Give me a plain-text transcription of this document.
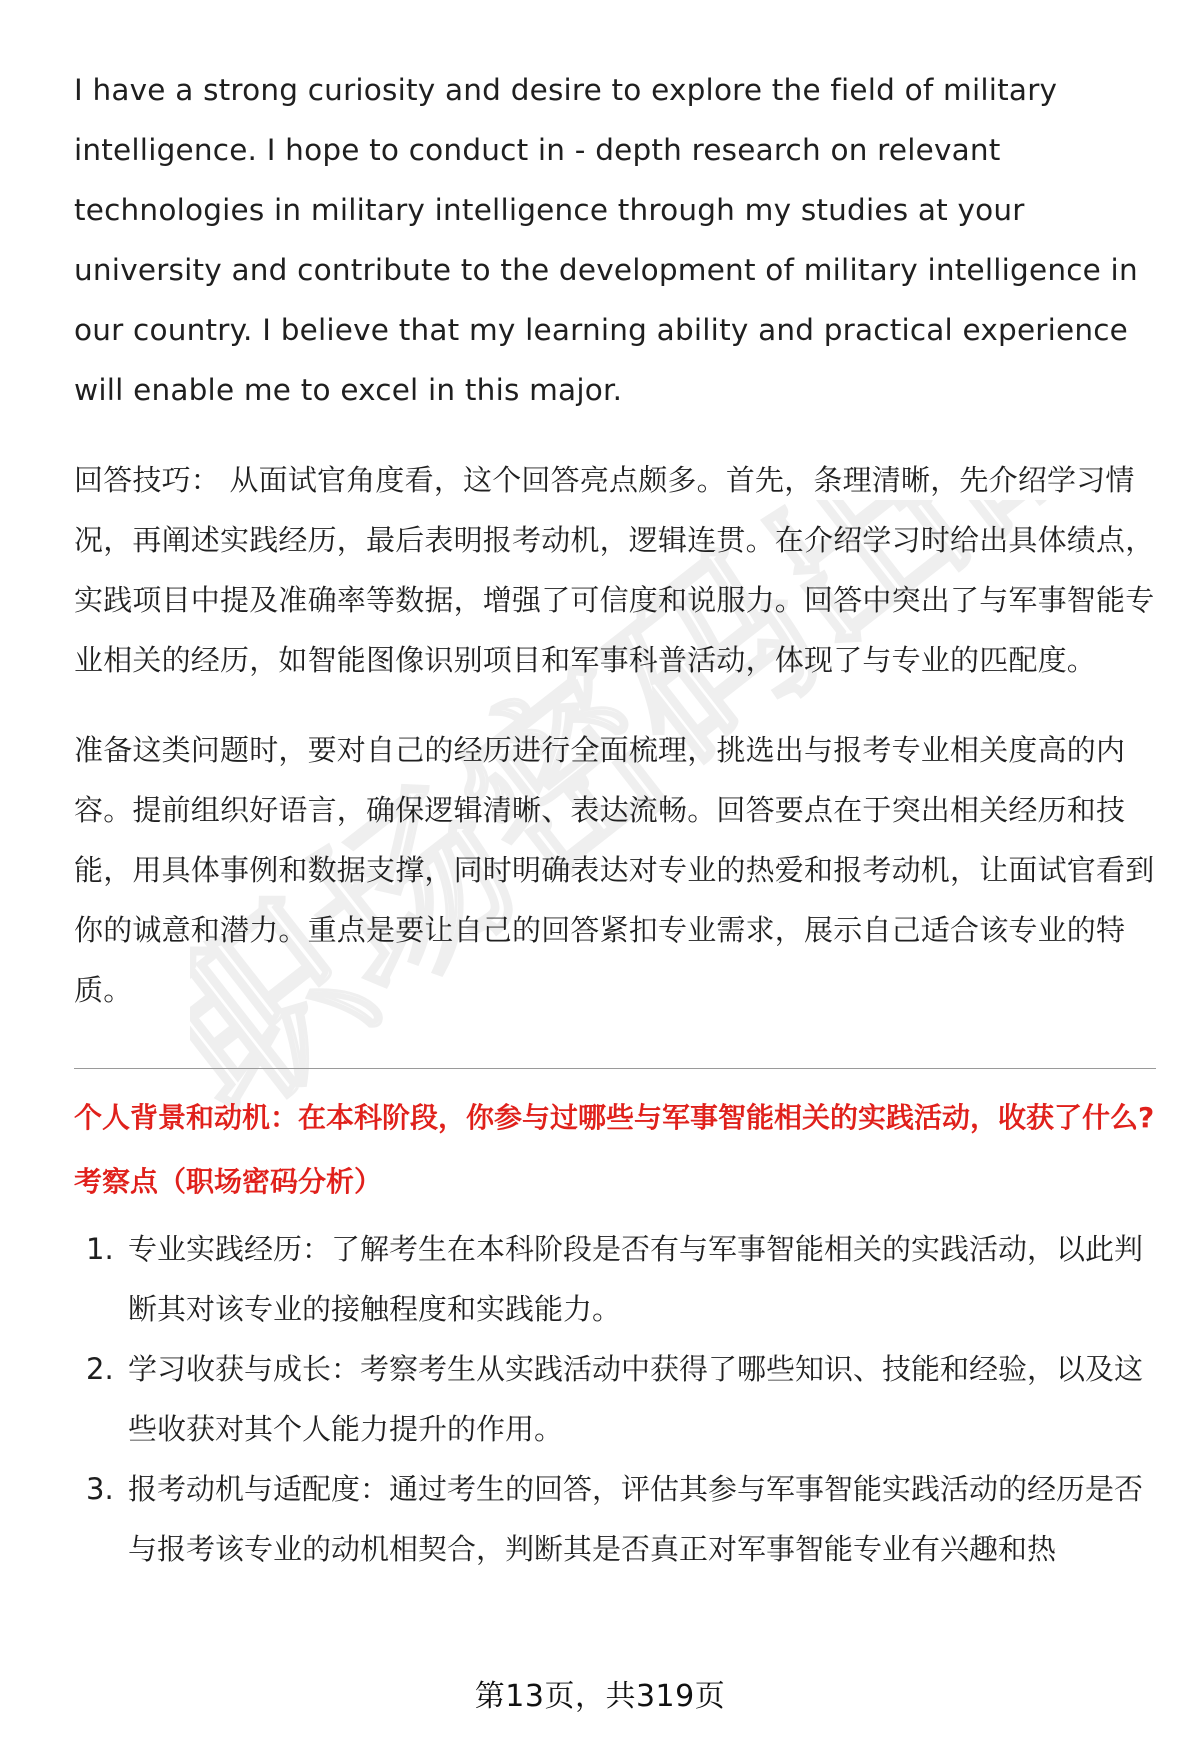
职场密码出品

I have a strong curiosity and desire to explore the field of military intelligence. I hope to conduct in - depth research on relevant technologies in military intelligence through my studies at your university and contribute to the development of military intelligence in our country. I believe that my learning ability and practical experience will enable me to excel in this major.

回答技巧： 从面试官角度看，这个回答亮点颇多。首先，条理清晰，先介绍学习情况，再阐述实践经历，最后表明报考动机，逻辑连贯。在介绍学习时给出具体绩点，实践项目中提及准确率等数据，增强了可信度和说服力。回答中突出了与军事智能专业相关的经历，如智能图像识别项目和军事科普活动，体现了与专业的匹配度。

准备这类问题时，要对自己的经历进行全面梳理，挑选出与报考专业相关度高的内容。提前组织好语言，确保逻辑清晰、表达流畅。回答要点在于突出相关经历和技能，用具体事例和数据支撑，同时明确表达对专业的热爱和报考动机，让面试官看到你的诚意和潜力。重点是要让自己的回答紧扣专业需求，展示自己适合该专业的特质。

个人背景和动机：在本科阶段，你参与过哪些与军事智能相关的实践活动，收获了什么?

考察点（职场密码分析）

1. 专业实践经历：了解考生在本科阶段是否有与军事智能相关的实践活动，以此判断其对该专业的接触程度和实践能力。
2. 学习收获与成长：考察考生从实践活动中获得了哪些知识、技能和经验，以及这些收获对其个人能力提升的作用。
3. 报考动机与适配度：通过考生的回答，评估其参与军事智能实践活动的经历是否与报考该专业的动机相契合，判断其是否真正对军事智能专业有兴趣和热
第13页，共319页
